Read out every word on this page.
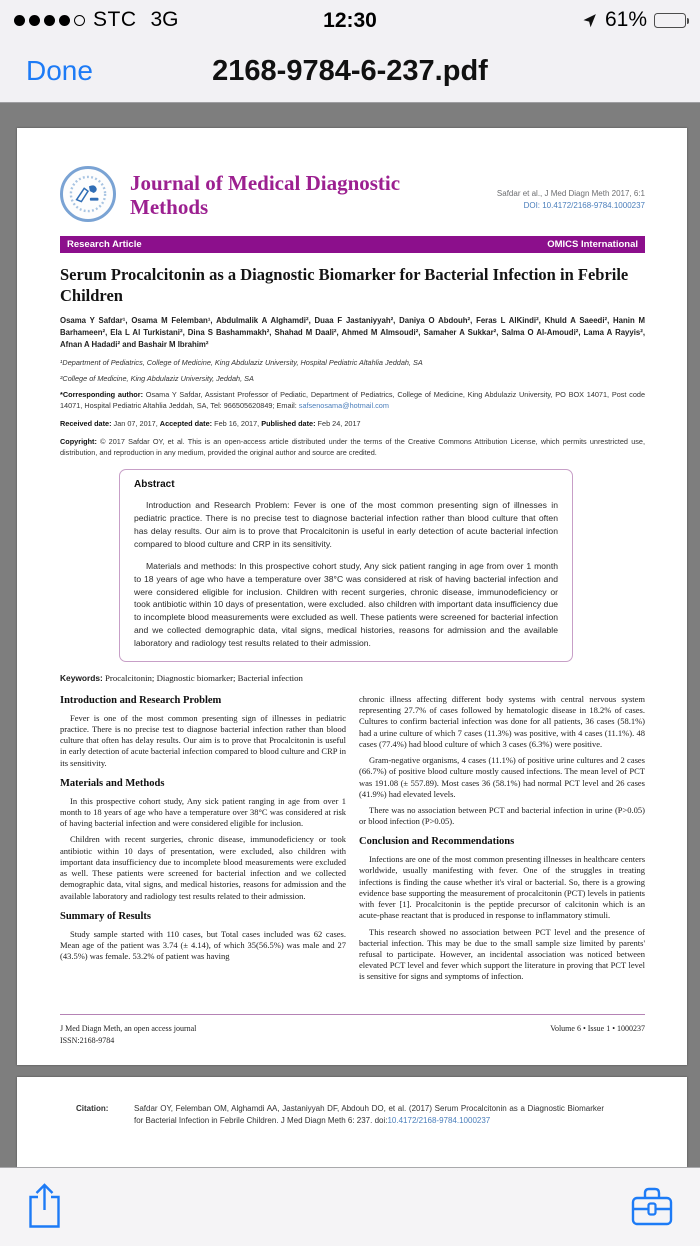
STC 3G	12:30	61%
Done	2168-9784-6-237.pdf
Journal of Medical Diagnostic Methods
Safdar et al., J Med Diagn Meth 2017, 6:1
DOI: 10.4172/2168-9784.1000237
Research Article	OMICS International
Serum Procalcitonin as a Diagnostic Biomarker for Bacterial Infection in Febrile Children
Osama Y Safdar¹, Osama M Felemban¹, Abdulmalik A Alghamdi², Duaa F Jastaniyyah², Daniya O Abdouh², Feras L AlKindi², Khuld A Saeedi², Hanin M Barhameen², Ela L Al Turkistani², Dina S Bashammakh², Shahad M Daali², Ahmed M Almsoudi², Samaher A Sukkar², Salma O Al-Amoudi², Lama A Rayyis², Afnan A Hadadi² and Bashair M Ibrahim²
¹Department of Pediatrics, College of Medicine, King Abdulaziz University, Hospital Pediatric Altahlia Jeddah, SA
²College of Medicine, King Abdulaziz University, Jeddah, SA

*Corresponding author: Osama Y Safdar, Assistant Professor of Pediatic, Department of Pediatrics, College of Medicine, King Abdulaziz University, PO BOX 14071, Post code 14071, Hospital Pediatric Altahlia Jeddah, SA, Tel: 966505620849; Email: safsenosama@hotmail.com

Received date: Jan 07, 2017, Accepted date: Feb 16, 2017, Published date: Feb 24, 2017

Copyright: © 2017 Safdar OY, et al. This is an open-access article distributed under the terms of the Creative Commons Attribution License, which permits unrestricted use, distribution, and reproduction in any medium, provided the original author and source are credited.

Abstract

Introduction and Research Problem: Fever is one of the most common presenting sign of illnesses in pediatric practice. There is no precise test to diagnose bacterial infection rather than blood culture that often has delay results. Our aim is to prove that Procalcitonin is useful in early detection of acute bacterial infection compared to blood culture and CRP in its sensitivity.

Materials and methods: In this prospective cohort study, Any sick patient ranging in age from over 1 month to 18 years of age who have a temperature over 38°C was considered at risk of having bacterial infection and were considered eligible for inclusion. Children with recent surgeries, chronic disease, immunodeficiency or took antibiotic within 10 days of presentation, were excluded. also children with important data insufficiency due to incomplete blood measurements were excluded as well. These patients were screened for bacterial infection and we collected demographic data, vital signs, medical histories, reasons for admission and the available laboratory and radiology test results related to their admission.

Keywords: Procalcitonin; Diagnostic biomarker; Bacterial infection
Introduction and Research Problem

Fever is one of the most common presenting sign of illnesses in pediatric practice. There is no precise test to diagnose bacterial infection rather than blood culture that often has delay results. Our aim is to prove that Procalcitonin is useful in early detection of acute bacterial infection compared to blood culture and CRP in its sensitivity.

Materials and Methods

In this prospective cohort study, Any sick patient ranging in age from over 1 month to 18 years of age who have a temperature over 38°C was considered at risk of having bacterial infection and were considered eligible for inclusion.

Children with recent surgeries, chronic disease, immunodeficiency or took antibiotic within 10 days of presentation, were excluded, also children with important data insufficiency due to incomplete blood measurements were excluded as well. These patients were screened for bacterial infection and we collected demographic data, vital signs, and medical histories, reasons for admission and the available laboratory and radiology test results related to their admission.

Summary of Results

Study sample started with 110 cases, but Total cases included was 62 cases. Mean age of the patient was 3.74 (± 4.14), of which 35(56.5%) was male and 27 (43.5%) was female. 53.2% of patient was having

chronic illness affecting different body systems with central nervous system representing 27.7% of cases followed by hematologic disease in 18.2% of cases. Cultures to confirm bacterial infection was done for all patients, 36 cases (58.1%) had a urine culture of which 7 cases (11.3%) was positive, with 4 cases (11.1%). 48 cases (77.4%) had blood culture of which 3 cases (6.3%) were positive.

Gram-negative organisms, 4 cases (11.1%) of positive urine cultures and 2 cases (66.7%) of positive blood culture mostly caused infections. The mean level of PCT was 191.08 (± 557.89). Most cases 36 (58.1%) had normal PCT level and 26 cases (41.9%) had elevated levels.

There was no association between PCT and bacterial infection in urine (P>0.05) or blood infection (P>0.05).

Conclusion and Recommendations

Infections are one of the most common presenting illnesses in healthcare centers worldwide, usually manifesting with fever. One of the struggles in treating infections is finding the cause whether it's viral or bacterial. So, there is a growing evidence base supporting the measurement of procalcitonin (PCT) levels in patients with fever [1]. Procalcitonin is the peptide precursor of calcitonin which is an acute-phase reactant that is produced in response to inflammatory stimuli.

This research showed no association between PCT level and the presence of bacterial infection. This may be due to the small sample size limited by parents' refusal to participate. However, an incidental association was noticed between elevated PCT level and fever which support the literature in proving that PCT level is sensitive for signs and symptoms of infection.

J Med Diagn Meth, an open access journal
ISSN:2168-9784
Volume 6 • Issue 1 • 1000237
Citation:	Safdar OY, Felemban OM, Alghamdi AA, Jastaniyyah DF, Abdouh DO, et al. (2017) Serum Procalcitonin as a Diagnostic Biomarker for Bacterial Infection in Febrile Children. J Med Diagn Meth 6: 237. doi:10.4172/2168-9784.1000237
